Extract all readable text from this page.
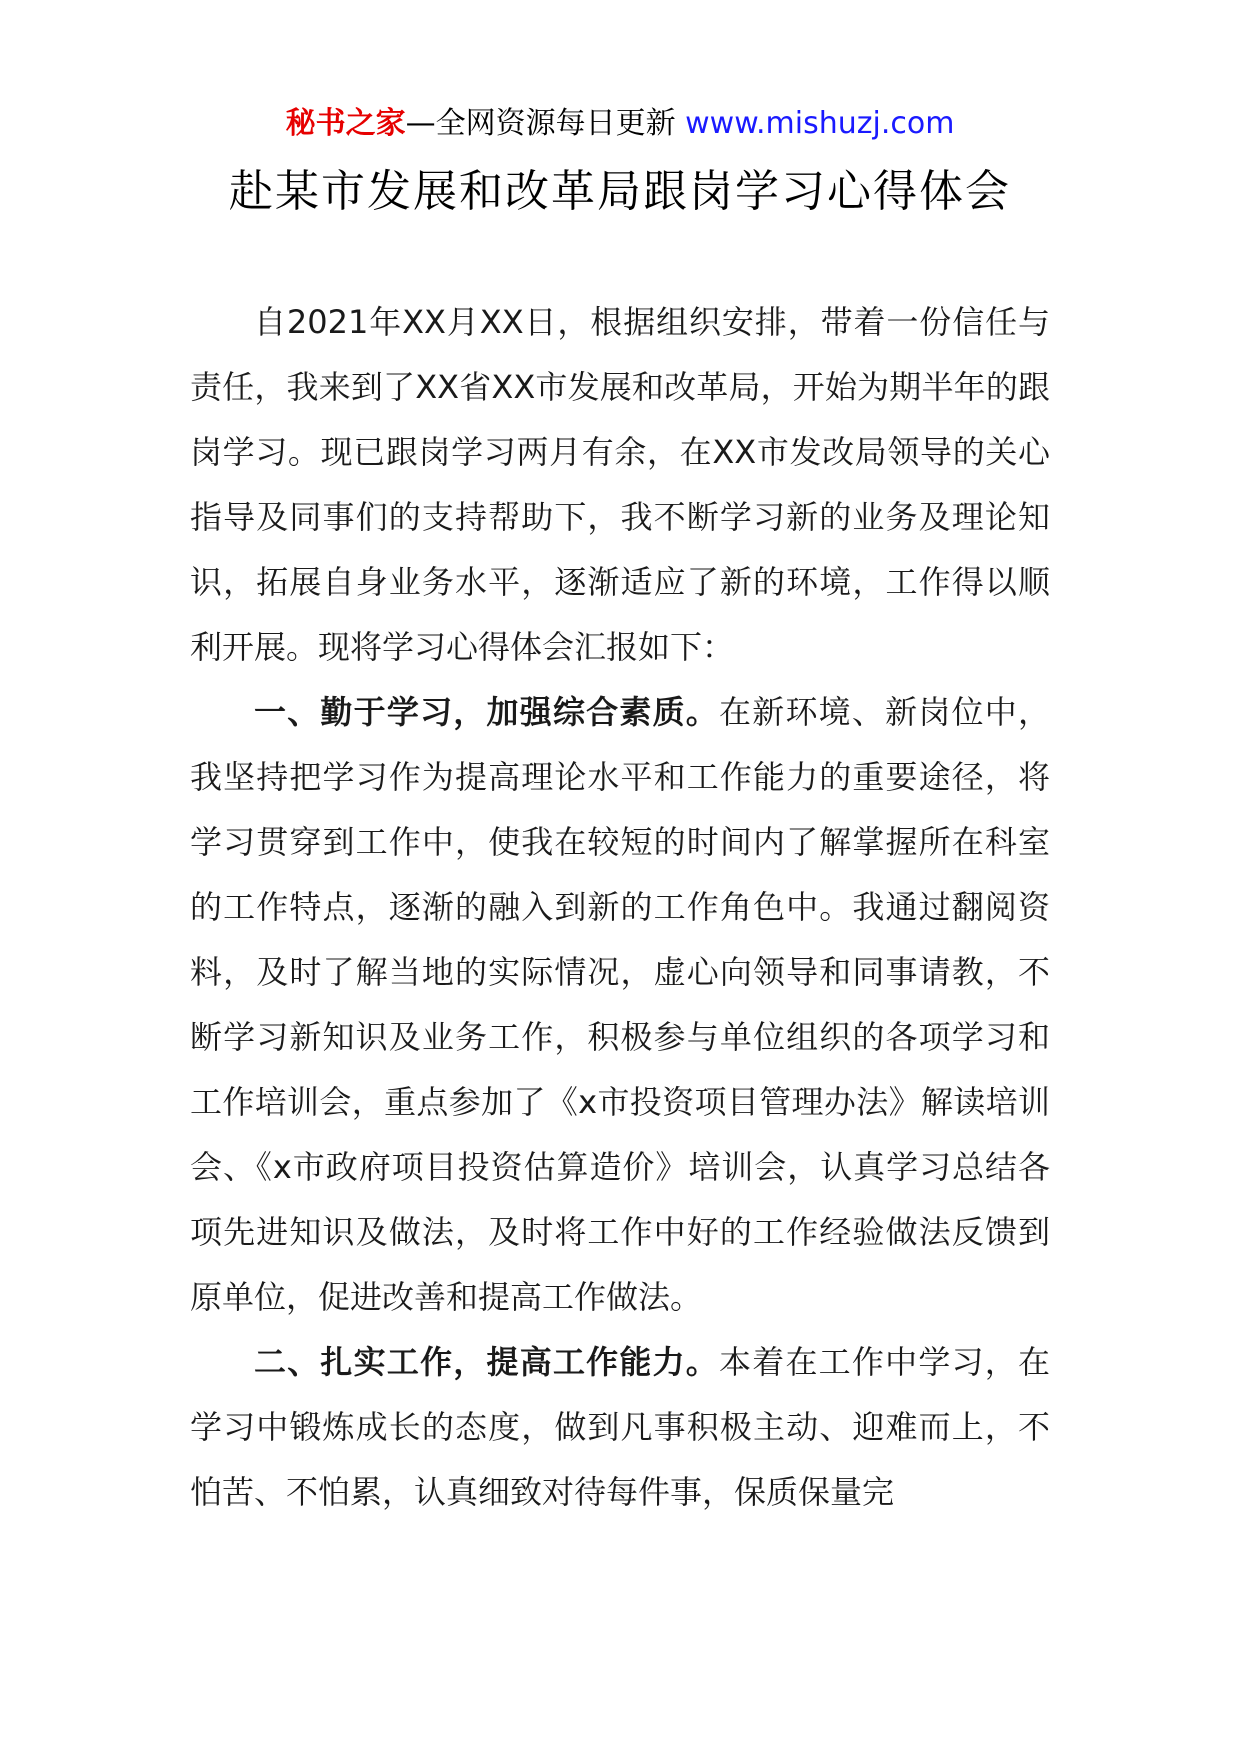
秘书之家—全网资源每日更新 www.mishuzj.com
赴某市发展和改革局跟岗学习心得体会

自2021年XX月XX日，根据组织安排，带着一份信任与责任，我来到了XX省XX市发展和改革局，开始为期半年的跟岗学习。现已跟岗学习两月有余，在XX市发改局领导的关心指导及同事们的支持帮助下，我不断学习新的业务及理论知识，拓展自身业务水平，逐渐适应了新的环境，工作得以顺利开展。现将学习心得体会汇报如下：

一、勤于学习，加强综合素质。在新环境、新岗位中，我坚持把学习作为提高理论水平和工作能力的重要途径，将学习贯穿到工作中，使我在较短的时间内了解掌握所在科室的工作特点，逐渐的融入到新的工作角色中。我通过翻阅资料，及时了解当地的实际情况，虚心向领导和同事请教，不断学习新知识及业务工作，积极参与单位组织的各项学习和工作培训会，重点参加了《x市投资项目管理办法》解读培训会、《x市政府项目投资估算造价》培训会，认真学习总结各项先进知识及做法，及时将工作中好的工作经验做法反馈到原单位，促进改善和提高工作做法。

二、扎实工作，提高工作能力。本着在工作中学习，在学习中锻炼成长的态度，做到凡事积极主动、迎难而上，不怕苦、不怕累，认真细致对待每件事，保质保量完
